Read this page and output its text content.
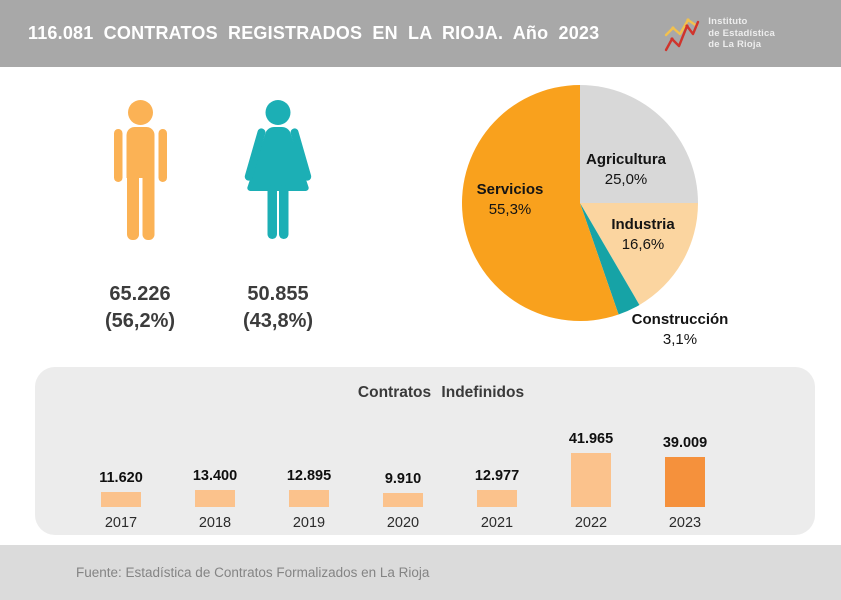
116.081 CONTRATOS REGISTRADOS EN LA RIOJA. Año 2023
Instituto
de Estadística
de La Rioja
65.226
(56,2%)
50.855
(43,8%)
Servicios
55,3%
Agricultura
25,0%
Industria
16,6%
Construcción
3,1%
Contratos Indefinidos
11.620
2017
13.400
2018
12.895
2019
9.910
2020
12.977
2021
41.965
2022
39.009
2023
Fuente: Estadística de Contratos Formalizados en La Rioja
